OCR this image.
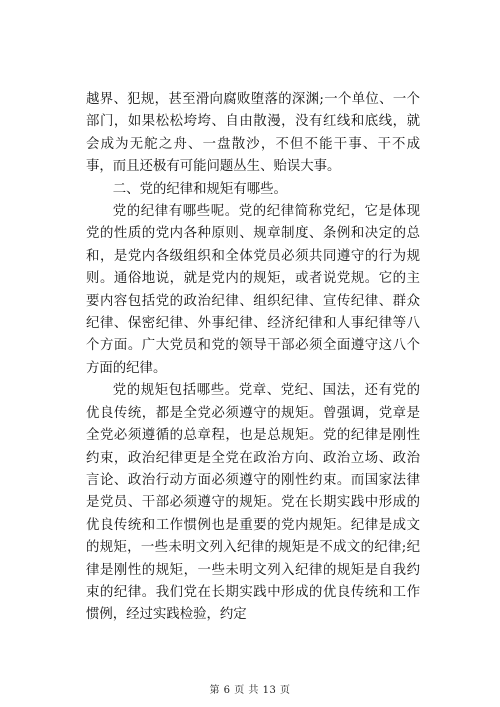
越界、犯规，甚至滑向腐败堕落的深渊;一个单位、一个部门，如果松松垮垮、自由散漫，没有红线和底线，就会成为无舵之舟、一盘散沙，不但不能干事、干不成事，而且还极有可能问题丛生、贻误大事。

二、党的纪律和规矩有哪些。

党的纪律有哪些呢。党的纪律简称党纪，它是体现党的性质的党内各种原则、规章制度、条例和决定的总和，是党内各级组织和全体党员必须共同遵守的行为规则。通俗地说，就是党内的规矩，或者说党规。它的主要内容包括党的政治纪律、组织纪律、宣传纪律、群众纪律、保密纪律、外事纪律、经济纪律和人事纪律等八个方面。广大党员和党的领导干部必须全面遵守这八个方面的纪律。

党的规矩包括哪些。党章、党纪、国法，还有党的优良传统，都是全党必须遵守的规矩。曾强调，党章是全党必须遵循的总章程，也是总规矩。党的纪律是刚性约束，政治纪律更是全党在政治方向、政治立场、政治言论、政治行动方面必须遵守的刚性约束。而国家法律是党员、干部必须遵守的规矩。党在长期实践中形成的优良传统和工作惯例也是重要的党内规矩。纪律是成文的规矩，一些未明文列入纪律的规矩是不成文的纪律;纪律是刚性的规矩，一些未明文列入纪律的规矩是自我约束的纪律。我们党在长期实践中形成的优良传统和工作惯例，经过实践检验，约定

第 6 页 共 13 页
